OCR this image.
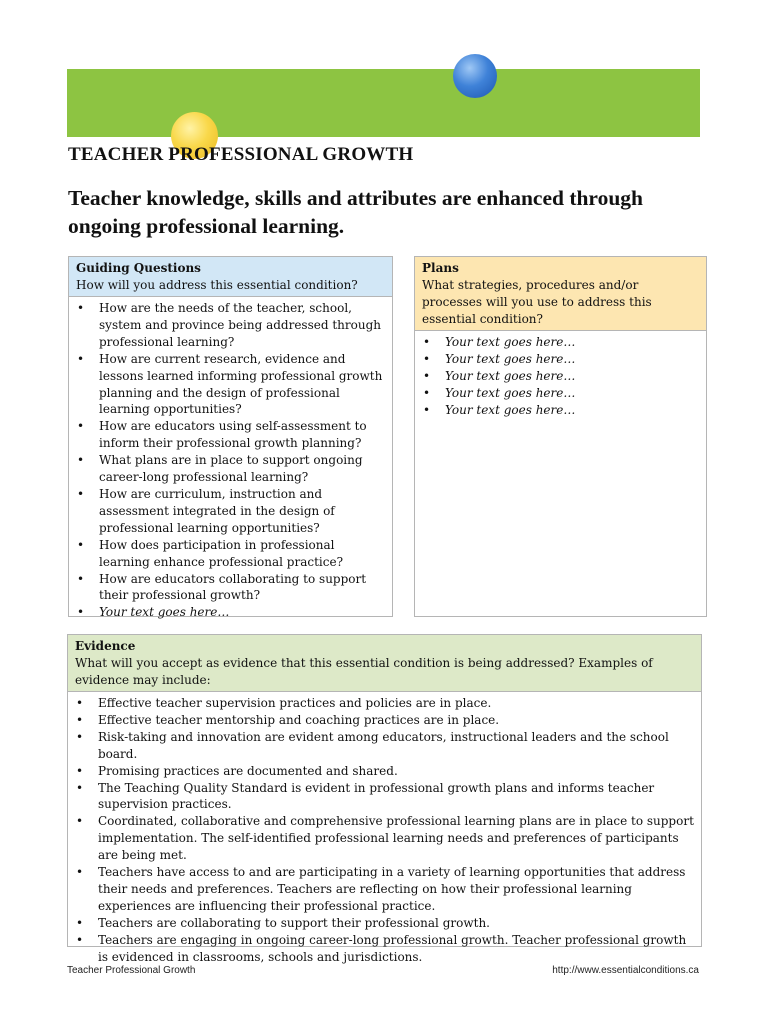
TEACHER PROFESSIONAL GROWTH
Teacher knowledge, skills and attributes are enhanced through ongoing professional learning.
Guiding Questions
How will you address this essential condition?
• How are the needs of the teacher, school, system and province being addressed through professional learning?
• How are current research, evidence and lessons learned informing professional growth planning and the design of professional learning opportunities?
• How are educators using self-assessment to inform their professional growth planning?
• What plans are in place to support ongoing career-long professional learning?
• How are curriculum, instruction and assessment integrated in the design of professional learning opportunities?
• How does participation in professional learning enhance professional practice?
• How are educators collaborating to support their professional growth?
• Your text goes here…
Plans
What strategies, procedures and/or processes will you use to address this essential condition?
• Your text goes here…
• Your text goes here…
• Your text goes here…
• Your text goes here…
• Your text goes here…
Evidence
What will you accept as evidence that this essential condition is being addressed? Examples of evidence may include:
• Effective teacher supervision practices and policies are in place.
• Effective teacher mentorship and coaching practices are in place.
• Risk-taking and innovation are evident among educators, instructional leaders and the school board.
• Promising practices are documented and shared.
• The Teaching Quality Standard is evident in professional growth plans and informs teacher supervision practices.
• Coordinated, collaborative and comprehensive professional learning plans are in place to support implementation. The self-identified professional learning needs and preferences of participants are being met.
• Teachers have access to and are participating in a variety of learning opportunities that address their needs and preferences. Teachers are reflecting on how their professional learning experiences are influencing their professional practice.
• Teachers are collaborating to support their professional growth.
• Teachers are engaging in ongoing career-long professional growth. Teacher professional growth is evidenced in classrooms, schools and jurisdictions.
Teacher Professional Growth	http://www.essentialconditions.ca
